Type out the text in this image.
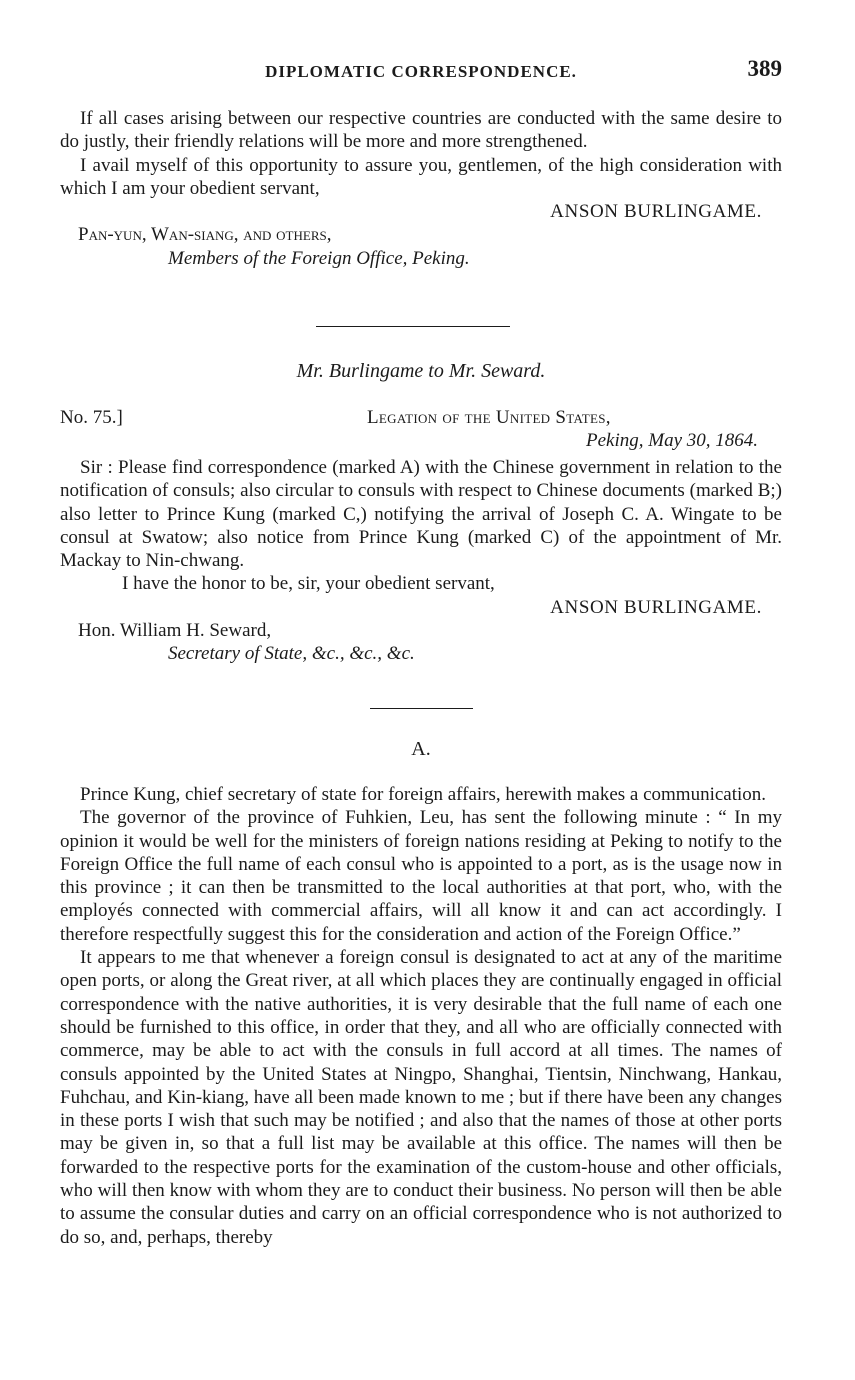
DIPLOMATIC CORRESPONDENCE.	389

If all cases arising between our respective countries are conducted with the same desire to do justly, their friendly relations will be more and more strengthened.

I avail myself of this opportunity to assure you, gentlemen, of the high consideration with which I am your obedient servant,

ANSON BURLINGAME.

Pan-yun, Wan-siang, and others,

Members of the Foreign Office, Peking.

Mr. Burlingame to Mr. Seward.
No. 75.]	Legation of the United States,
Peking, May 30, 1864.

Sir : Please find correspondence (marked A) with the Chinese government in relation to the notification of consuls; also circular to consuls with respect to Chinese documents (marked B;) also letter to Prince Kung (marked C,) notifying the arrival of Joseph C. A. Wingate to be consul at Swatow; also notice from Prince Kung (marked C) of the appointment of Mr. Mackay to Nin-chwang.

I have the honor to be, sir, your obedient servant,

ANSON BURLINGAME.

Hon. William H. Seward,

Secretary of State, &c., &c., &c.

A.

Prince Kung, chief secretary of state for foreign affairs, herewith makes a communication.

The governor of the province of Fuhkien, Leu, has sent the following minute : “ In my opinion it would be well for the ministers of foreign nations residing at Peking to notify to the Foreign Office the full name of each consul who is appointed to a port, as is the usage now in this province ; it can then be transmitted to the local authorities at that port, who, with the employés connected with commercial affairs, will all know it and can act accordingly. I therefore respectfully suggest this for the consideration and action of the Foreign Office.”

It appears to me that whenever a foreign consul is designated to act at any of the maritime open ports, or along the Great river, at all which places they are continually engaged in official correspondence with the native authorities, it is very desirable that the full name of each one should be furnished to this office, in order that they, and all who are officially connected with commerce, may be able to act with the consuls in full accord at all times. The names of consuls appointed by the United States at Ningpo, Shanghai, Tientsin, Ninchwang, Hankau, Fuhchau, and Kin-kiang, have all been made known to me ; but if there have been any changes in these ports I wish that such may be notified ; and also that the names of those at other ports may be given in, so that a full list may be available at this office. The names will then be forwarded to the respective ports for the examination of the custom-house and other officials, who will then know with whom they are to conduct their business. No person will then be able to assume the consular duties and carry on an official correspondence who is not authorized to do so, and, perhaps, thereby
